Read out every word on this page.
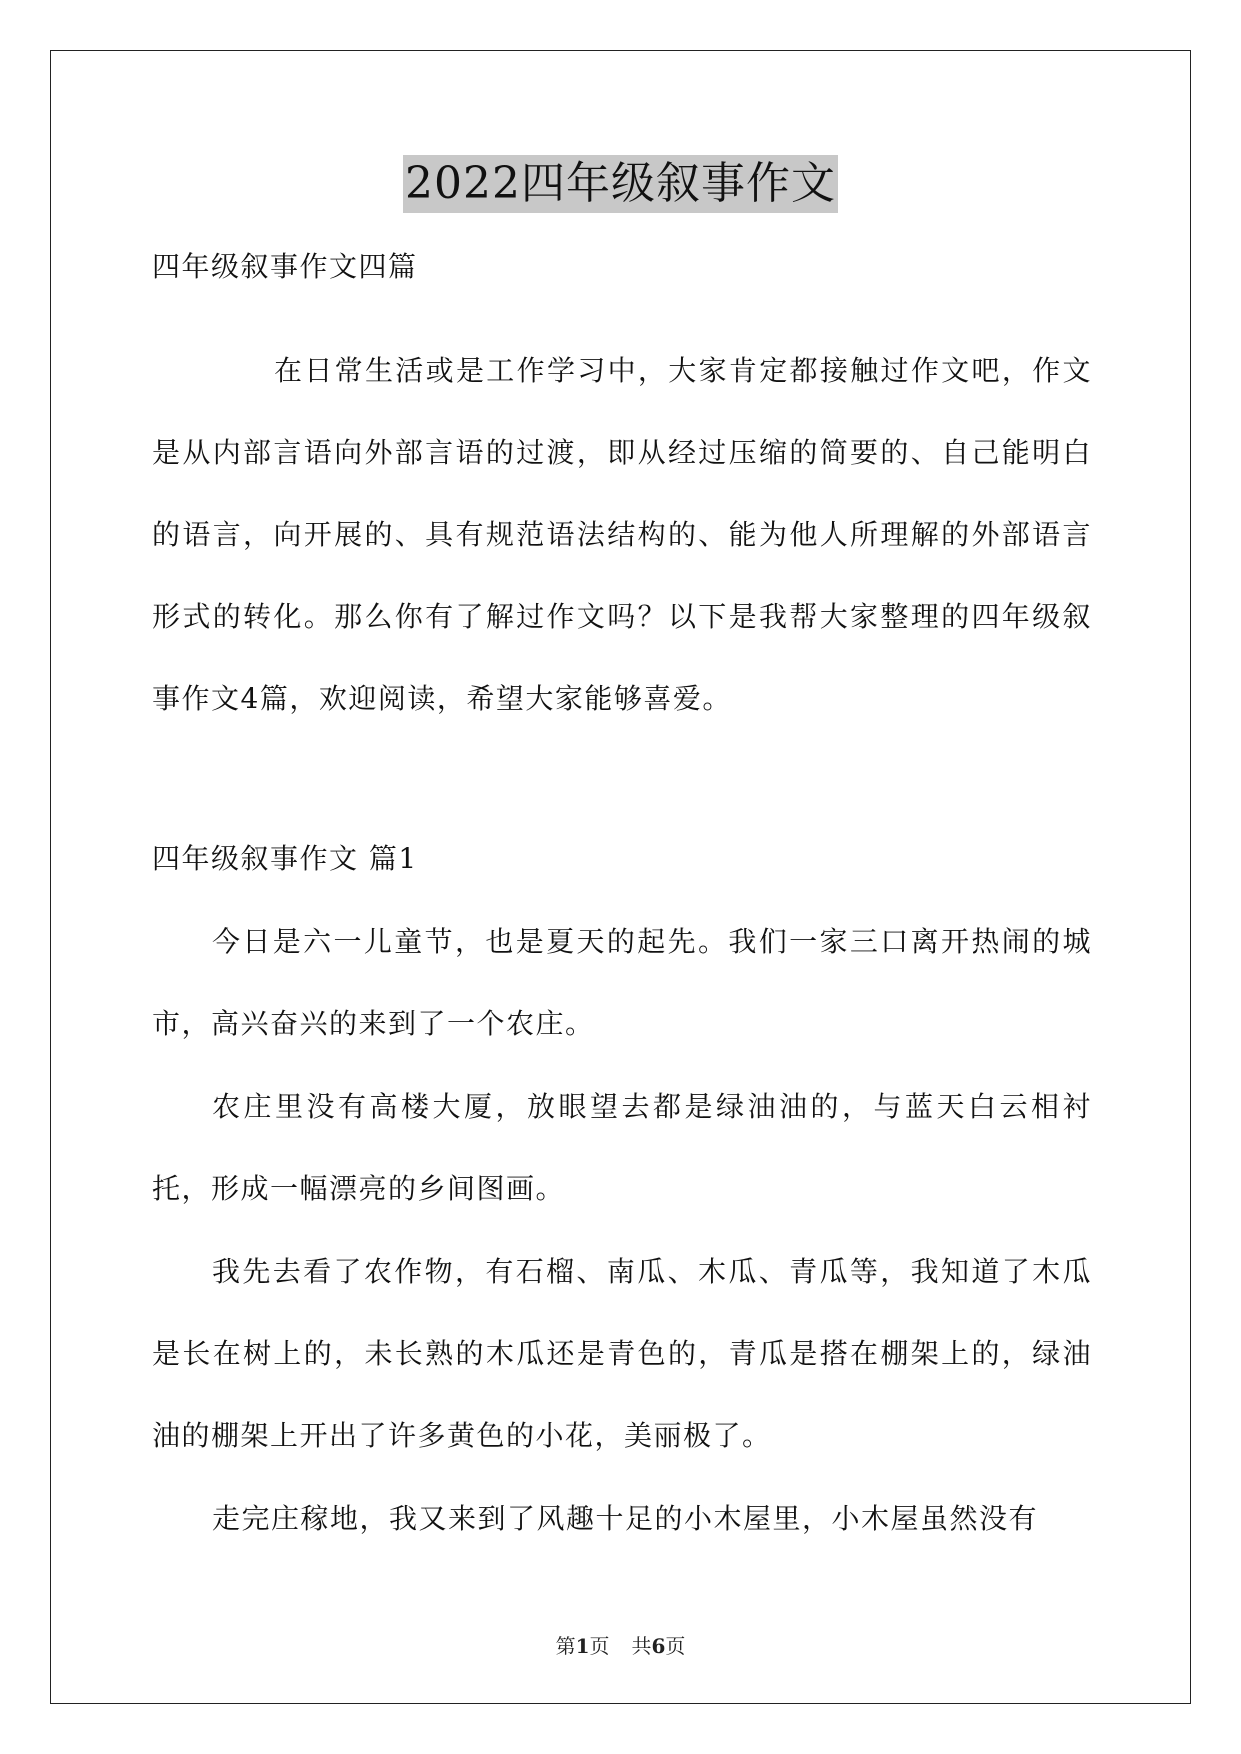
2022四年级叙事作文

四年级叙事作文四篇

在日常生活或是工作学习中，大家肯定都接触过作文吧，作文是从内部言语向外部言语的过渡，即从经过压缩的简要的、自己能明白的语言，向开展的、具有规范语法结构的、能为他人所理解的外部语言形式的转化。那么你有了解过作文吗？以下是我帮大家整理的四年级叙事作文4篇，欢迎阅读，希望大家能够喜爱。

四年级叙事作文 篇1

今日是六一儿童节，也是夏天的起先。我们一家三口离开热闹的城市，高兴奋兴的来到了一个农庄。

农庄里没有高楼大厦，放眼望去都是绿油油的，与蓝天白云相衬托，形成一幅漂亮的乡间图画。

我先去看了农作物，有石榴、南瓜、木瓜、青瓜等，我知道了木瓜是长在树上的，未长熟的木瓜还是青色的，青瓜是搭在棚架上的，绿油油的棚架上开出了许多黄色的小花，美丽极了。

走完庄稼地，我又来到了风趣十足的小木屋里，小木屋虽然没有

第1页 共6页
